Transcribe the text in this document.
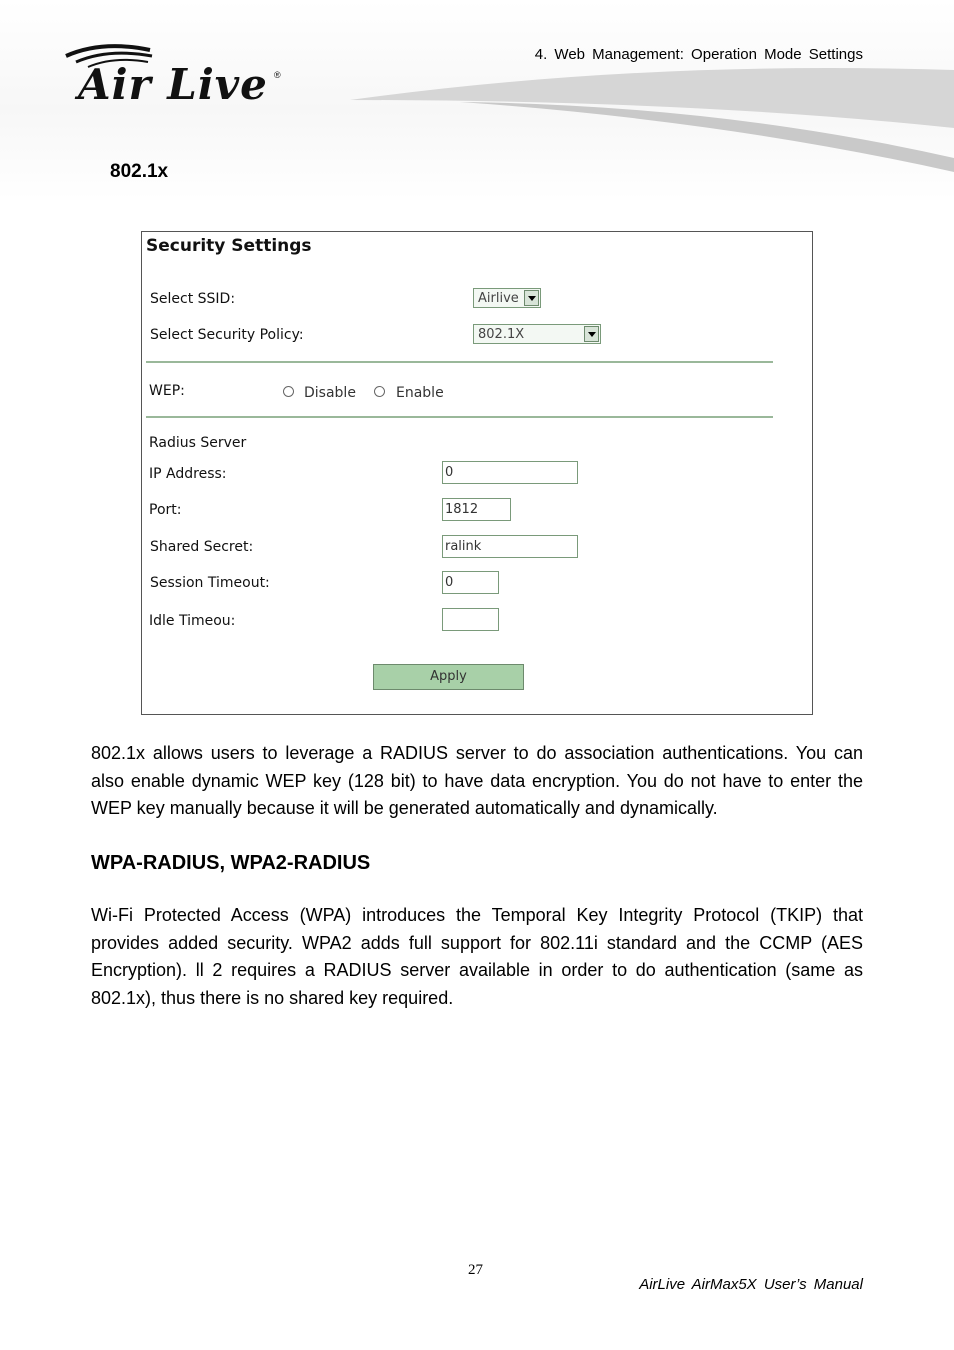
Air Live ®
4. Web Management: Operation Mode Settings
802.1x
Security Settings
Select SSID:	Airlive
Select Security Policy:	802.1X
WEP:	Disable	Enable
Radius Server
IP Address:	0
Port:	1812
Shared Secret:	ralink
Session Timeout:	0
Idle Timeou:
Apply
802.1x allows users to leverage a RADIUS server to do association authentications. You can also enable dynamic WEP key (128 bit) to have data encryption. You do not have to enter the WEP key manually because it will be generated automatically and dynamically.
WPA-RADIUS, WPA2-RADIUS
Wi-Fi Protected Access (WPA) introduces the Temporal Key Integrity Protocol (TKIP) that provides added security. WPA2 adds full support for 802.11i standard and the CCMP (AES Encryption). ll 2 requires a RADIUS server available in order to do authentication (same as 802.1x), thus there is no shared key required.
27
AirLive AirMax5X User’s Manual
